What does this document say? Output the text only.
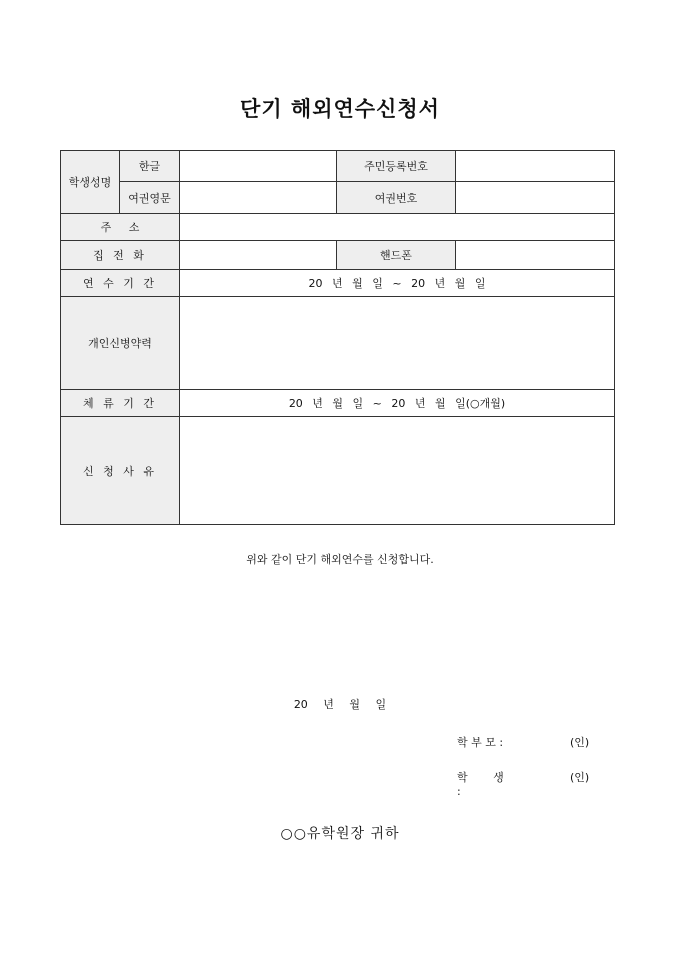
단기 해외연수신청서
학생성명	한글		주민등록번호	
	여권영문		여권번호	
주 소				
집 전 화			핸드폰	
연 수 기 간		20 년 월 일 ~ 20 년 월 일		
개인신병약력				
체 류 기 간		20 년 월 일 ~ 20 년 월 일(○개월)		
신 청 사 유				
위와 같이 단기 해외연수를 신청합니다.
20 년 월 일
학 부 모 :	(인)
학 생 :
(인)
○○유학원장 귀하
